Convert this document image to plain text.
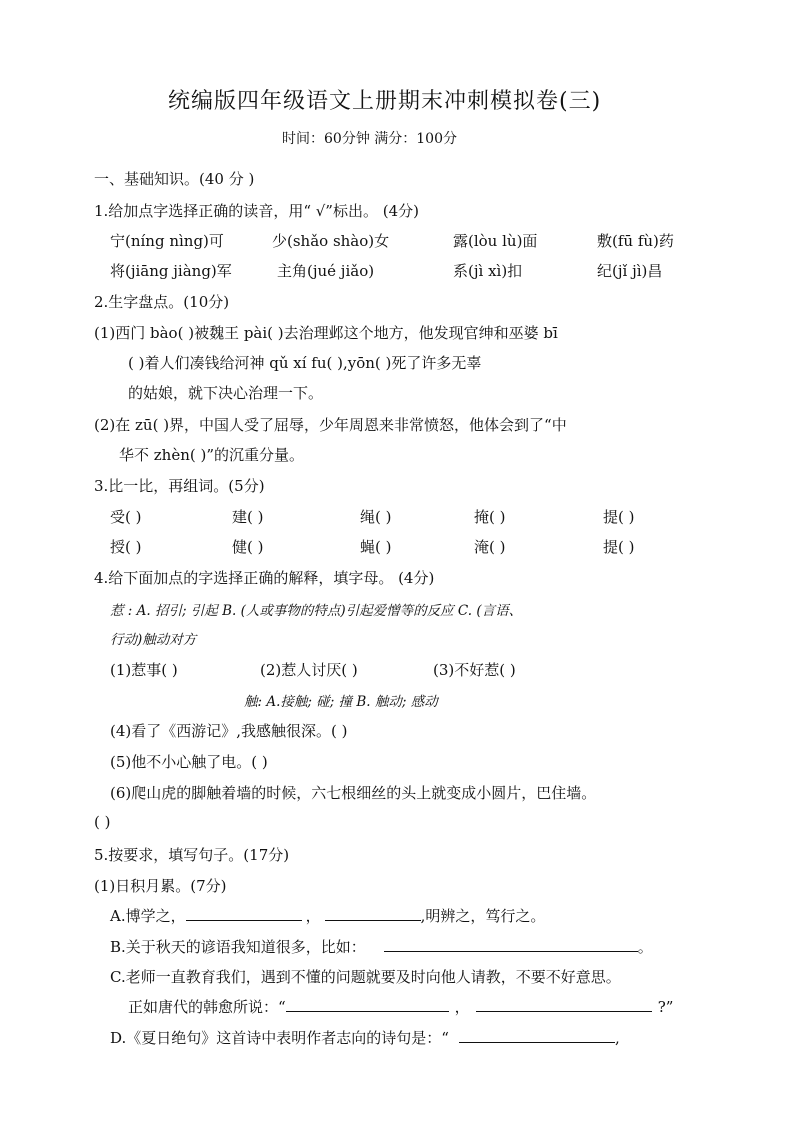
统编版四年级语文上册期末冲刺模拟卷(三)
时间：60分钟 满分：100分
一、基础知识。(40 分 )
1.给加点字选择正确的读音，用“ √”标出。 (4分)
宁(níng nìng)可	少(shǎo shào)女	露(lòu lù)面	敷(fū fù)药
将(jiāng jiàng)军	主角(jué jiǎo)	系(jì xì)扣	纪(jǐ jì)昌
2.生字盘点。(10分)
(1)西门 bào( )被魏王 pài( )去治理邺这个地方，他发现官绅和巫婆 bī
( )着人们凑钱给河神 qǔ xí fu( ),yōn( )死了许多无辜
的姑娘，就下决心治理一下。
(2)在 zū( )界，中国人受了屈辱，少年周恩来非常愤怒，他体会到了“中
华不 zhèn( )”的沉重分量。
3.比一比，再组词。(5分)
受( )	建( )	绳( )	掩( )	提( )
授( )	健( )	蝇( )	淹( )	提( )
4.给下面加点的字选择正确的解释，填字母。 (4分)
惹 : A. 招引; 引起 B. (人或事物的特点)引起爱憎等的反应 C. (言语、
行动)触动对方
(1)惹事( )	(2)惹人讨厌( )	(3)不好惹( )
触: A.接触; 碰; 撞 B. 触动; 感动
(4)看了《西游记》,我感触很深。( )
(5)他不小心触了电。( )
(6)爬山虎的脚触着墙的时候，六七根细丝的头上就变成小圆片，巴住墙。
( )
5.按要求，填写句子。(17分)
(1)日积月累。(7分)
A.博学之，	，	,明辨之，笃行之。
B.关于秋天的谚语我知道很多，比如：	。
C.老师一直教育我们，遇到不懂的问题就要及时向他人请教，不要不好意思。
正如唐代的韩愈所说：“	，	?”
D.《夏日绝句》这首诗中表明作者志向的诗句是：“	,
